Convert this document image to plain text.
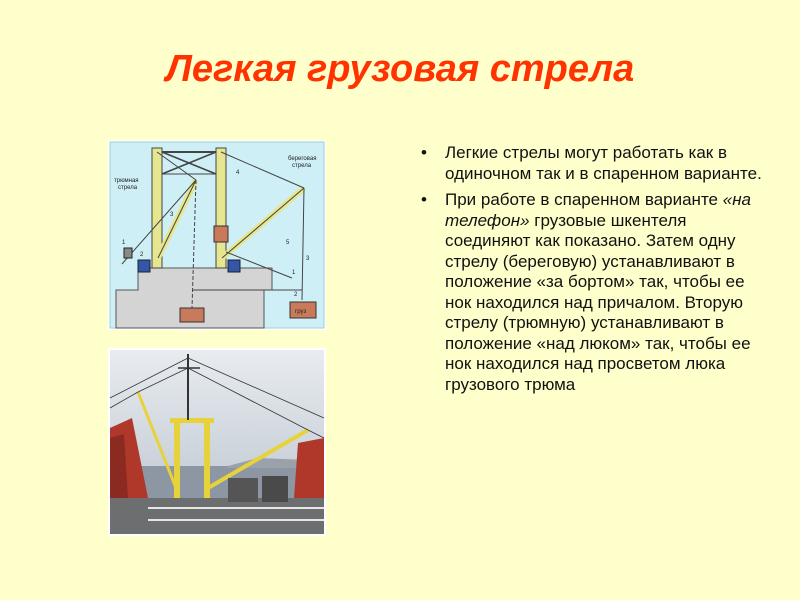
Легкая грузовая стрела
трюмная
стрела
береговая
стрела
груз
1
2
3
4
5
1
2
3
• Легкие стрелы могут работать как в одиночном так и в спаренном варианте.
• При работе в спаренном варианте «на телефон» грузовые шкентеля соединяют как показано. Затем одну стрелу (береговую) устанавливают в положение «за бортом» так, чтобы ее нок находился над причалом. Вторую стрелу (трюмную) устанавливают в положение «над люком» так, чтобы ее нок находился над просветом люка грузового трюма
